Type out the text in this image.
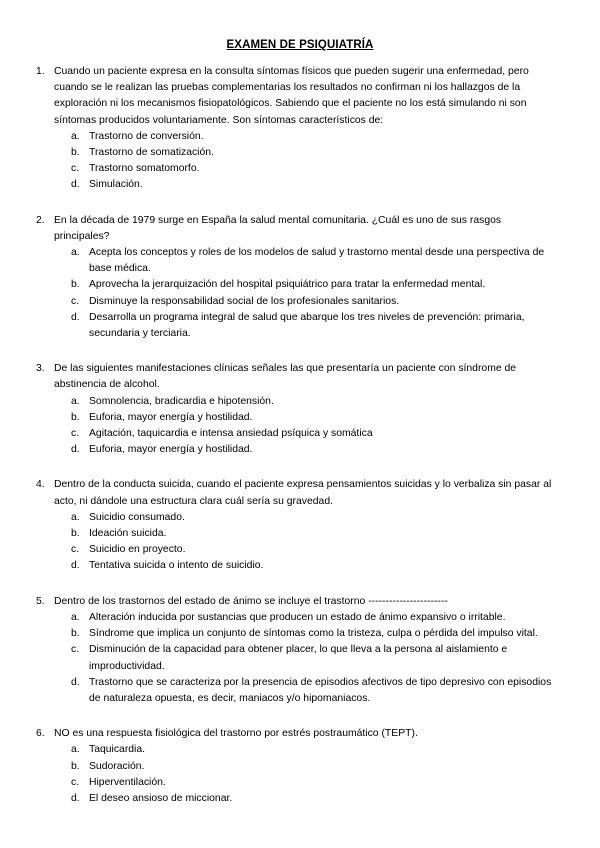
EXAMEN DE PSIQUIATRÍA
1. Cuando un paciente expresa en la consulta síntomas físicos que pueden sugerir una enfermedad, pero cuando se le realizan las pruebas complementarias los resultados no confirman ni los hallazgos de la exploración ni los mecanismos fisiopatológicos. Sabiendo que el paciente no los está simulando ni son síntomas producidos voluntariamente. Son síntomas característicos de:
a. Trastorno de conversión.
b. Trastorno de somatización.
c. Trastorno somatomorfo.
d. Simulación.
2. En la década de 1979 surge en España la salud mental comunitaria. ¿Cuál es uno de sus rasgos principales?
a. Acepta los conceptos y roles de los modelos de salud y trastorno mental desde una perspectiva de base médica.
b. Aprovecha la jerarquización del hospital psiquiátrico para tratar la enfermedad mental.
c. Disminuye la responsabilidad social de los profesionales sanitarios.
d. Desarrolla un programa integral de salud que abarque los tres niveles de prevención: primaria, secundaria y terciaria.
3. De las siguientes manifestaciones clínicas señales las que presentaría un paciente con síndrome de abstinencia de alcohol.
a. Somnolencia, bradicardia e hipotensión.
b. Euforia, mayor energía y hostilidad.
c. Agitación, taquicardia e intensa ansiedad psíquica y somática
d. Euforia, mayor energía y hostilidad.
4. Dentro de la conducta suicida, cuando el paciente expresa pensamientos suicidas y lo verbaliza sin pasar al acto, ni dándole una estructura clara cuál sería su gravedad.
a. Suicidio consumado.
b. Ideación suicida.
c. Suicidio en proyecto.
d. Tentativa suicida o intento de suicidio.
5. Dentro de los trastornos del estado de ánimo se incluye el trastorno -----------------------
a. Alteración inducida por sustancias que producen un estado de ánimo expansivo o irritable.
b. Síndrome que implica un conjunto de síntomas como la tristeza, culpa o pérdida del impulso vital.
c. Disminución de la capacidad para obtener placer, lo que lleva a la persona al aislamiento e improductividad.
d. Trastorno que se caracteriza por la presencia de episodios afectivos de tipo depresivo con episodios de naturaleza opuesta, es decir, maniacos y/o hipomaniacos.
6. NO es una respuesta fisiológica del trastorno por estrés postraumático (TEPT).
a. Taquicardia.
b. Sudoración.
c. Hiperventilación.
d. El deseo ansioso de miccionar.
